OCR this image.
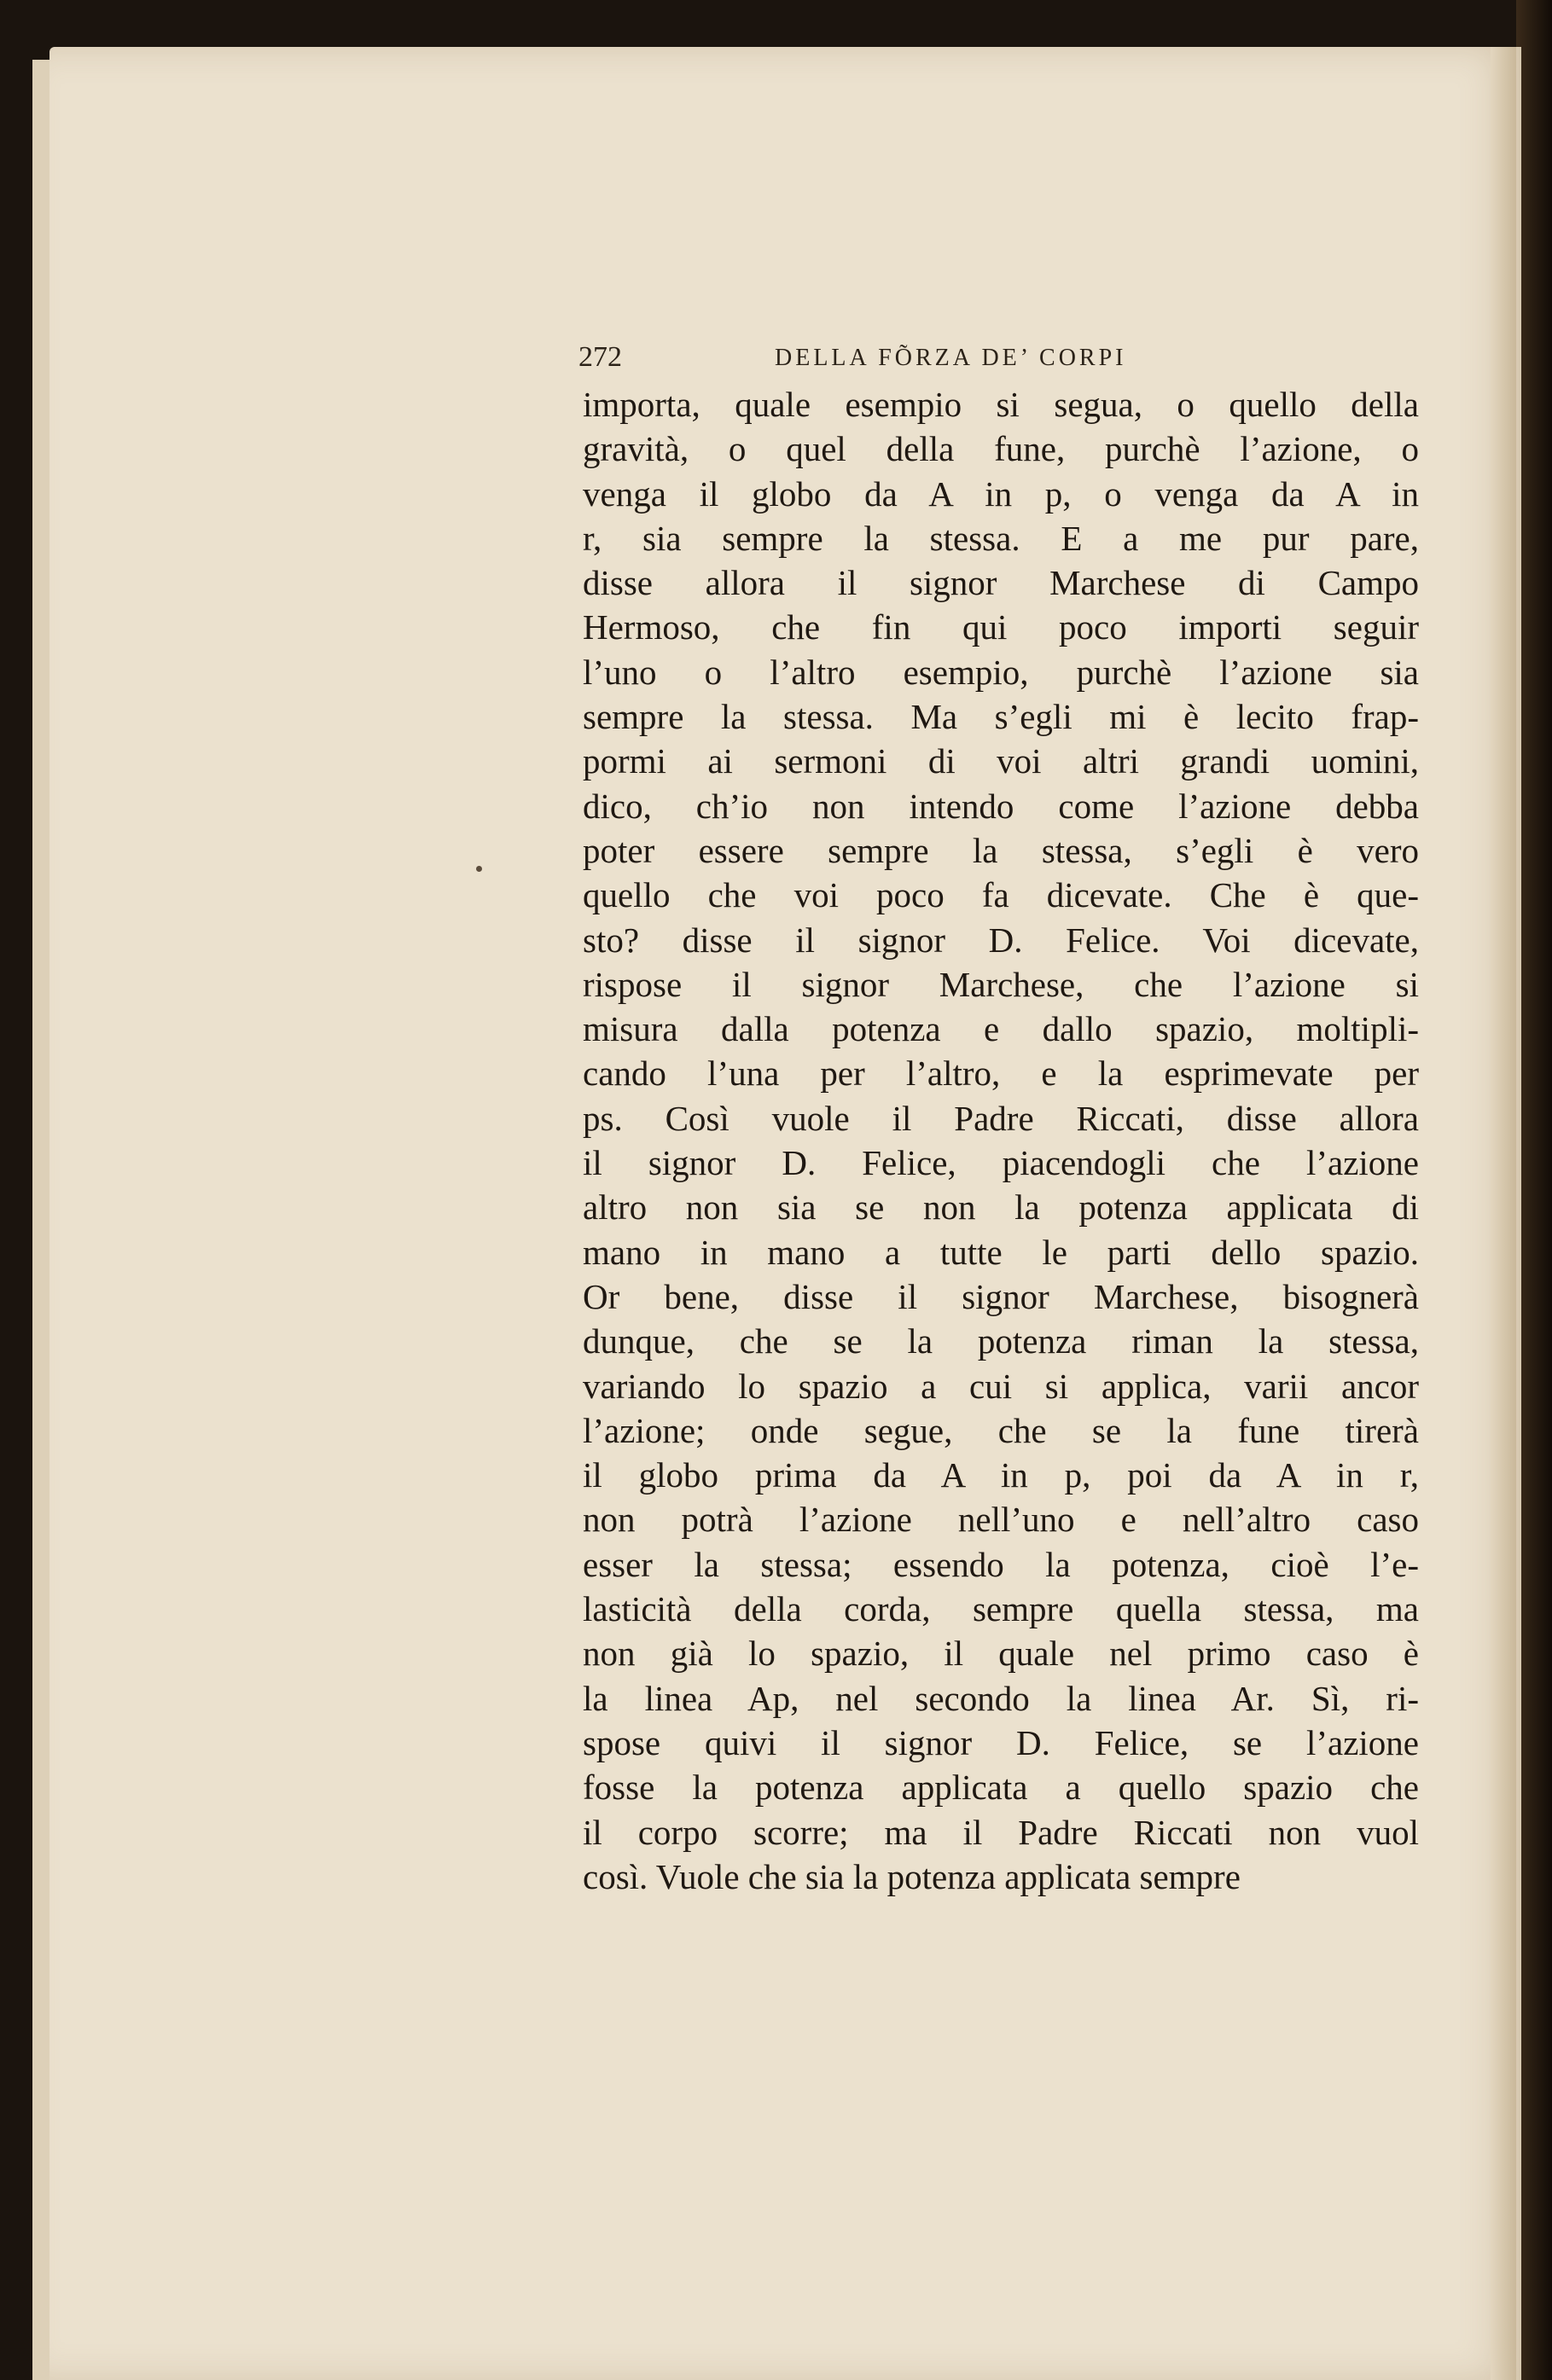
272	DELLA FÕRZA DE’ CORPI
importa, quale esempio si segua, o quello della
gravità, o quel della fune, purchè l’azione, o
venga il globo da A in p, o venga da A in
r, sia sempre la stessa. E a me pur pare,
disse allora il signor Marchese di Campo
Hermoso, che fin qui poco importi seguir
l’uno o l’altro esempio, purchè l’azione sia
sempre la stessa. Ma s’egli mi è lecito frap-
pormi ai sermoni di voi altri grandi uomini,
dico, ch’io non intendo come l’azione debba
poter essere sempre la stessa, s’egli è vero
quello che voi poco fa dicevate. Che è que-
sto? disse il signor D. Felice. Voi dicevate,
rispose il signor Marchese, che l’azione si
misura dalla potenza e dallo spazio, moltipli-
cando l’una per l’altro, e la esprimevate per
ps. Così vuole il Padre Riccati, disse allora
il signor D. Felice, piacendogli che l’azione
altro non sia se non la potenza applicata di
mano in mano a tutte le parti dello spazio.
Or bene, disse il signor Marchese, bisognerà
dunque, che se la potenza riman la stessa,
variando lo spazio a cui si applica, varii ancor
l’azione; onde segue, che se la fune tirerà
il globo prima da A in p, poi da A in r,
non potrà l’azione nell’uno e nell’altro caso
esser la stessa; essendo la potenza, cioè l’e-
lasticità della corda, sempre quella stessa, ma
non già lo spazio, il quale nel primo caso è
la linea Ap, nel secondo la linea Ar. Sì, ri-
spose quivi il signor D. Felice, se l’azione
fosse la potenza applicata a quello spazio che
il corpo scorre; ma il Padre Riccati non vuol
così. Vuole che sia la potenza applicata sempre
